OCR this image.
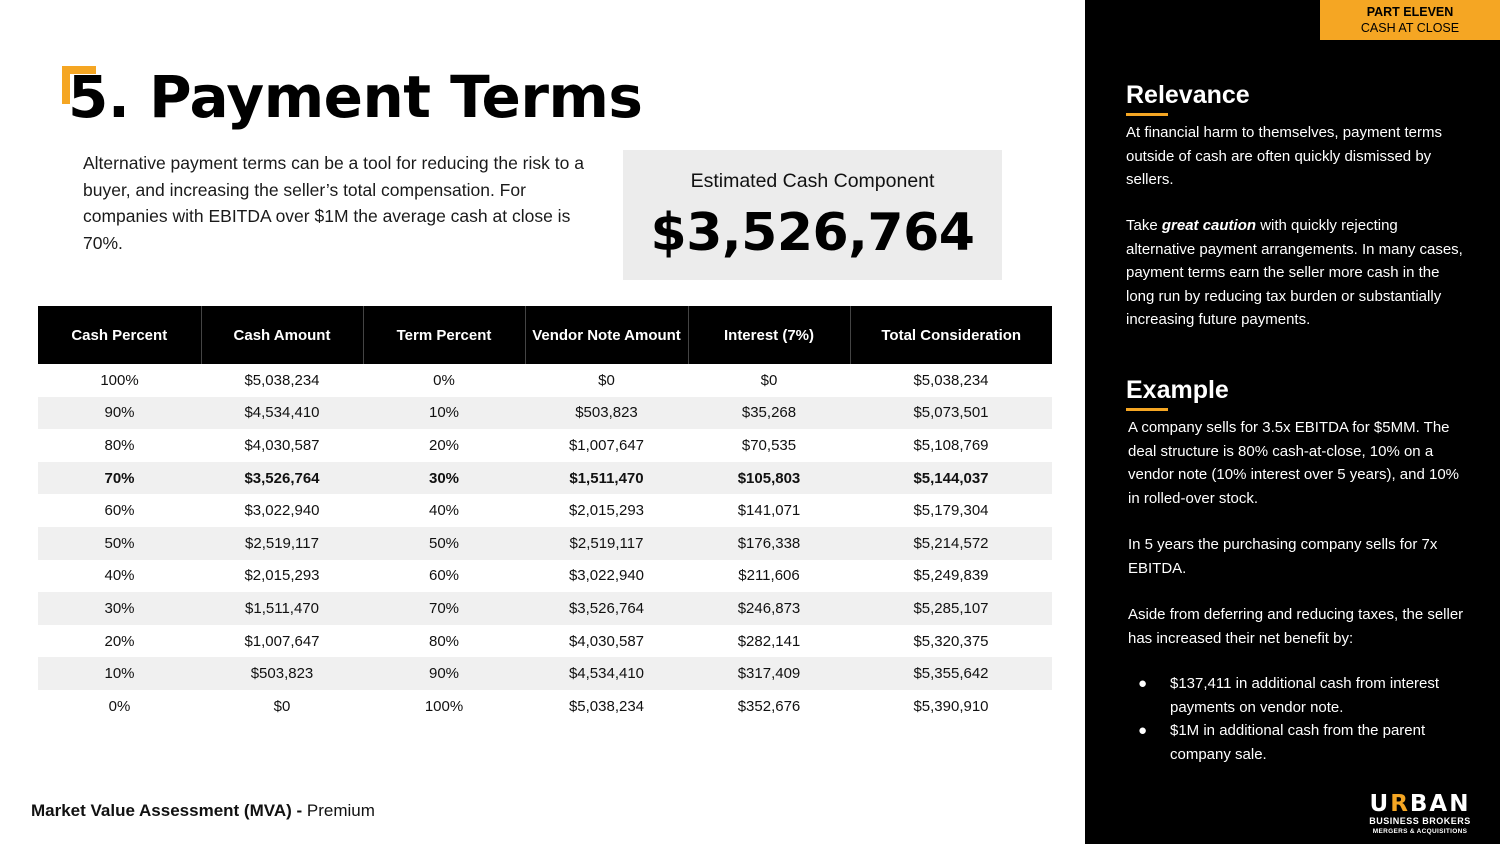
5. Payment Terms

Alternative payment terms can be a tool for reducing the risk to a buyer, and increasing the seller’s total compensation. For companies with EBITDA over $1M the average cash at close is 70%.

Estimated Cash Component
$3,526,764
Cash Percent	Cash Amount	Term Percent	Vendor Note Amount	Interest (7%)	Total Consideration
100%	$5,038,234	0%	$0	$0	$5,038,234
90%	$4,534,410	10%	$503,823	$35,268	$5,073,501
80%	$4,030,587	20%	$1,007,647	$70,535	$5,108,769
70%	$3,526,764	30%	$1,511,470	$105,803	$5,144,037
60%	$3,022,940	40%	$2,015,293	$141,071	$5,179,304
50%	$2,519,117	50%	$2,519,117	$176,338	$5,214,572
40%	$2,015,293	60%	$3,022,940	$211,606	$5,249,839
30%	$1,511,470	70%	$3,526,764	$246,873	$5,285,107
20%	$1,007,647	80%	$4,030,587	$282,141	$5,320,375
10%	$503,823	90%	$4,534,410	$317,409	$5,355,642
0%	$0	100%	$5,038,234	$352,676	$5,390,910
Market Value Assessment (MVA) - Premium
PART ELEVEN
CASH AT CLOSE
Relevance

At financial harm to themselves, payment terms outside of cash are often quickly dismissed by sellers.

Take great caution with quickly rejecting alternative payment arrangements. In many cases, payment terms earn the seller more cash in the long run by reducing tax burden or substantially increasing future payments.

Example

A company sells for 3.5x EBITDA for $5MM. The deal structure is 80% cash-at-close, 10% on a vendor note (10% interest over 5 years), and 10% in rolled-over stock.

In 5 years the purchasing company sells for 7x EBITDA.

Aside from deferring and reducing taxes, the seller has increased their net benefit by:

● $137,411 in additional cash from interest payments on vendor note.
● $1M in additional cash from the parent company sale.
URBAN
BUSINESS BROKERS
MERGERS & ACQUISITIONS
